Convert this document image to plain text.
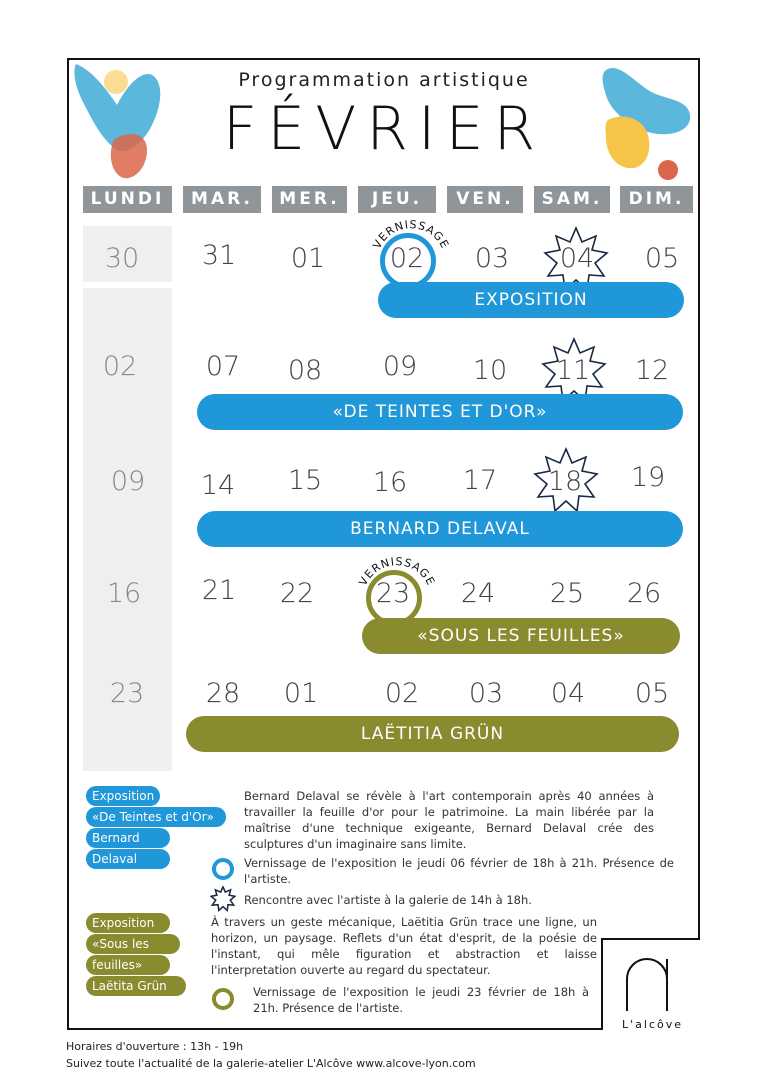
Programmation artistique
FÉVRIER
LUNDI	MAR.	MER.	JEU.	VEN.	SAM.	DIM.
VERNISSAGE
VERNISSAGE
30	31	01	02	03	04	05
EXPOSITION
02	07	08	09	10	11	12
«DE TEINTES ET D'OR»
09	14	15	16	17	18	19
BERNARD DELAVAL
16	21	22	23	24	25	26
«SOUS LES FEUILLES»
23	28	01	02	03	04	05
LAËTITIA GRÜN
Exposition
«De Teintes et d'Or»
Bernard
Delaval
Bernard Delaval se révèle à l'art contemporain après 40 années à travailler la feuille d'or pour le patrimoine. La main libérée par la maîtrise d'une technique exigeante, Bernard Delaval crée des sculptures d'un imaginaire sans limite.
Vernissage de l'exposition le jeudi 06 février de 18h à 21h. Présence de l'artiste.
Rencontre avec l'artiste à la galerie de 14h à 18h.
Exposition
«Sous les
feuilles»
Laëtita Grün
À travers un geste mécanique, Laëtitia Grün trace une ligne, un horizon, un paysage. Reflets d'un état d'esprit, de la poésie de l'instant, qui mêle figuration et abstraction et laisse l'interpretation ouverte au regard du spectateur.
Vernissage de l'exposition le jeudi 23 février de 18h à 21h. Présence de l'artiste.
L'alcôve
Horaires d'ouverture : 13h - 19h
Suivez toute l'actualité de la galerie-atelier L'Alcôve www.alcove-lyon.com
